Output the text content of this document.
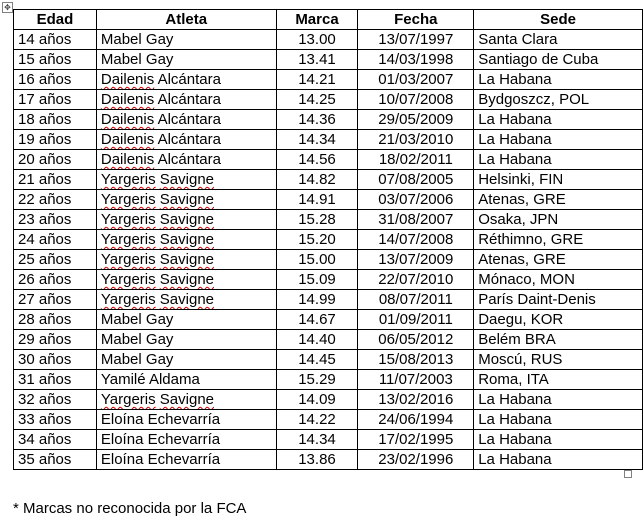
✥
Edad	Atleta	Marca	Fecha	Sede
14 años	Mabel Gay	13.00	13/07/1997	Santa Clara
15 años	Mabel Gay	13.41	14/03/1998	Santiago de Cuba
16 años	Dailenis Alcántara	14.21	01/03/2007	La Habana
17 años	Dailenis Alcántara	14.25	10/07/2008	Bydgoszcz, POL
18 años	Dailenis Alcántara	14.36	29/05/2009	La Habana
19 años	Dailenis Alcántara	14.34	21/03/2010	La Habana
20 años	Dailenis Alcántara	14.56	18/02/2011	La Habana
21 años	Yargeris Savigne	14.82	07/08/2005	Helsinki, FIN
22 años	Yargeris Savigne	14.91	03/07/2006	Atenas, GRE
23 años	Yargeris Savigne	15.28	31/08/2007	Osaka, JPN
24 años	Yargeris Savigne	15.20	14/07/2008	Réthimno, GRE
25 años	Yargeris Savigne	15.00	13/07/2009	Atenas, GRE
26 años	Yargeris Savigne	15.09	22/07/2010	Mónaco, MON
27 años	Yargeris Savigne	14.99	08/07/2011	París Daint-Denis
28 años	Mabel Gay	14.67	01/09/2011	Daegu, KOR
29 años	Mabel Gay	14.40	06/05/2012	Belém BRA
30 años	Mabel Gay	14.45	15/08/2013	Moscú, RUS
31 años	Yamilé Aldama	15.29	11/07/2003	Roma, ITA
32 años	Yargeris Savigne	14.09	13/02/2016	La Habana
33 años	Eloína Echevarría	14.22	24/06/1994	La Habana
34 años	Eloína Echevarría	14.34	17/02/1995	La Habana
35 años	Eloína Echevarría	13.86	23/02/1996	La Habana
* Marcas no reconocida por la FCA
